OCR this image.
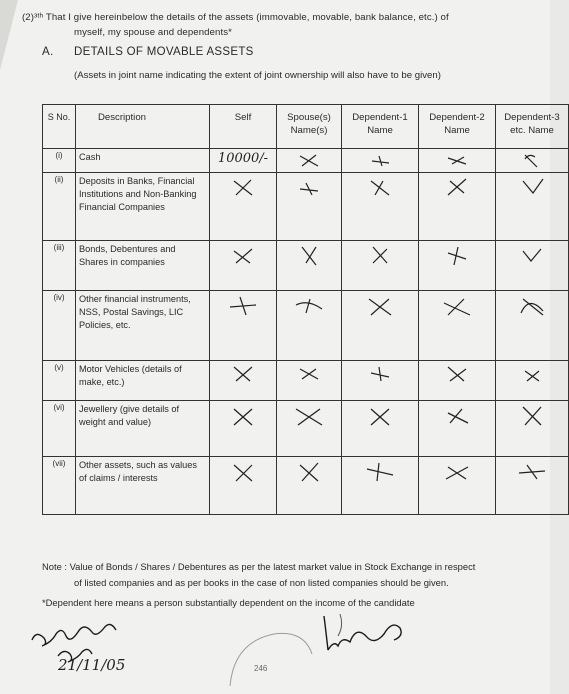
(2)³ᵗʰ That I give hereinbelow the details of the assets (immovable, movable, bank balance, etc.) of
myself, my spouse and dependents*
A. DETAILS OF MOVABLE ASSETS
(Assets in joint name indicating the extent of joint ownership will also have to be given)
S No.	Description	Self	Spouse(s) Name(s)	Dependent-1 Name	Dependent-2 Name	Dependent-3 etc. Name
(i)	Cash	10000/-	

(ii)	Deposits in Banks, Financial Institutions and Non-Banking Financial Companies	

(iii)	Bonds, Debentures and Shares in companies	

(iv)	Other financial instruments, NSS, Postal Savings, LIC Policies, etc.	

(v)	Motor Vehicles (details of make, etc.)	

(vi)	Jewellery (give details of weight and value)	

(vii)	Other assets, such as values of claims / interests	

Note : Value of Bonds / Shares / Debentures as per the latest market value in Stock Exchange in respect
of listed companies and as per books in the case of non listed companies should be given.
*Dependent here means a person substantially dependent on the income of the candidate
21/11/05	246
